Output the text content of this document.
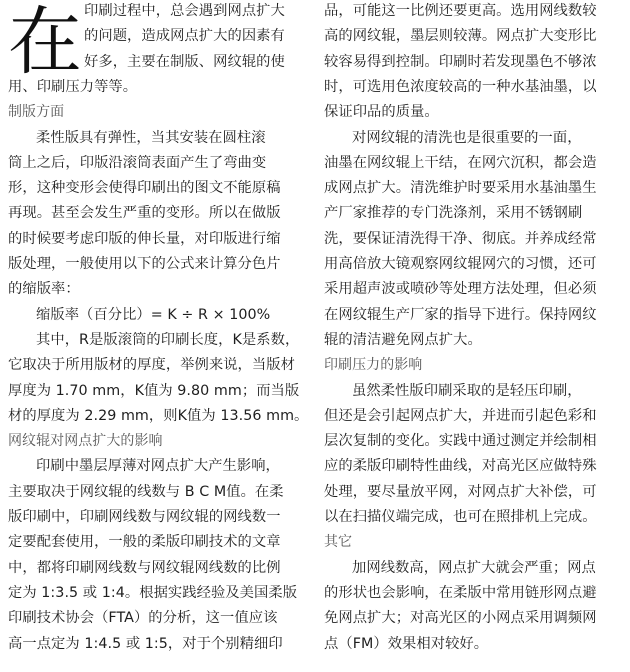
在 印刷过程中，总会遇到网点扩大
的问题，造成网点扩大的因素有
好多，主要在制版、网纹辊的使
用、印刷压力等等。
制版方面
柔性版具有弹性，当其安装在圆柱滚
筒上之后，印版沿滚筒表面产生了弯曲变
形，这种变形会使得印刷出的图文不能原稿
再现。甚至会发生严重的变形。所以在做版
的时候要考虑印版的伸长量，对印版进行缩
版处理，一般使用以下的公式来计算分色片
的缩版率：
缩版率（百分比）= K ÷ R × 100%
其中，R是版滚筒的印刷长度，K是系数，
它取决于所用版材的厚度，举例来说，当版材
厚度为 1.70 mm，K值为 9.80 mm；而当版
材的厚度为 2.29 mm，则K值为 13.56 mm。
网纹辊对网点扩大的影响
印刷中墨层厚薄对网点扩大产生影响，
主要取决于网纹辊的线数与 B C M值。在柔
版印刷中，印刷网线数与网纹辊的网线数一
定要配套使用，一般的柔版印刷技术的文章
中，都将印刷网线数与网纹辊网线数的比例
定为 1:3.5 或 1:4。根据实践经验及美国柔版
印刷技术协会（FTA）的分析，这一值应该
高一点定为 1:4.5 或 1:5，对于个别精细印
品，可能这一比例还要更高。选用网线数较
高的网纹辊，墨层则较薄。网点扩大变形比
较容易得到控制。印刷时若发现墨色不够浓
时，可选用色浓度较高的一种水基油墨，以
保证印品的质量。
对网纹辊的清洗也是很重要的一面，
油墨在网纹辊上干结，在网穴沉积，都会造
成网点扩大。清洗维护时要采用水基油墨生
产厂家推荐的专门洗涤剂，采用不锈钢刷
洗，要保证清洗得干净、彻底。并养成经常
用高倍放大镜观察网纹辊网穴的习惯，还可
采用超声波或喷砂等处理方法处理，但必须
在网纹辊生产厂家的指导下进行。保持网纹
辊的清洁避免网点扩大。
印刷压力的影响
虽然柔性版印刷采取的是轻压印刷，
但还是会引起网点扩大，并进而引起色彩和
层次复制的变化。实践中通过测定并绘制相
应的柔版印刷特性曲线，对高光区应做特殊
处理，要尽量放平网，对网点扩大补偿，可
以在扫描仪端完成，也可在照排机上完成。
其它
加网线数高，网点扩大就会严重；网点
的形状也会影响，在柔版中常用链形网点避
免网点扩大；对高光区的小网点采用调频网
点（FM）效果相对较好。
